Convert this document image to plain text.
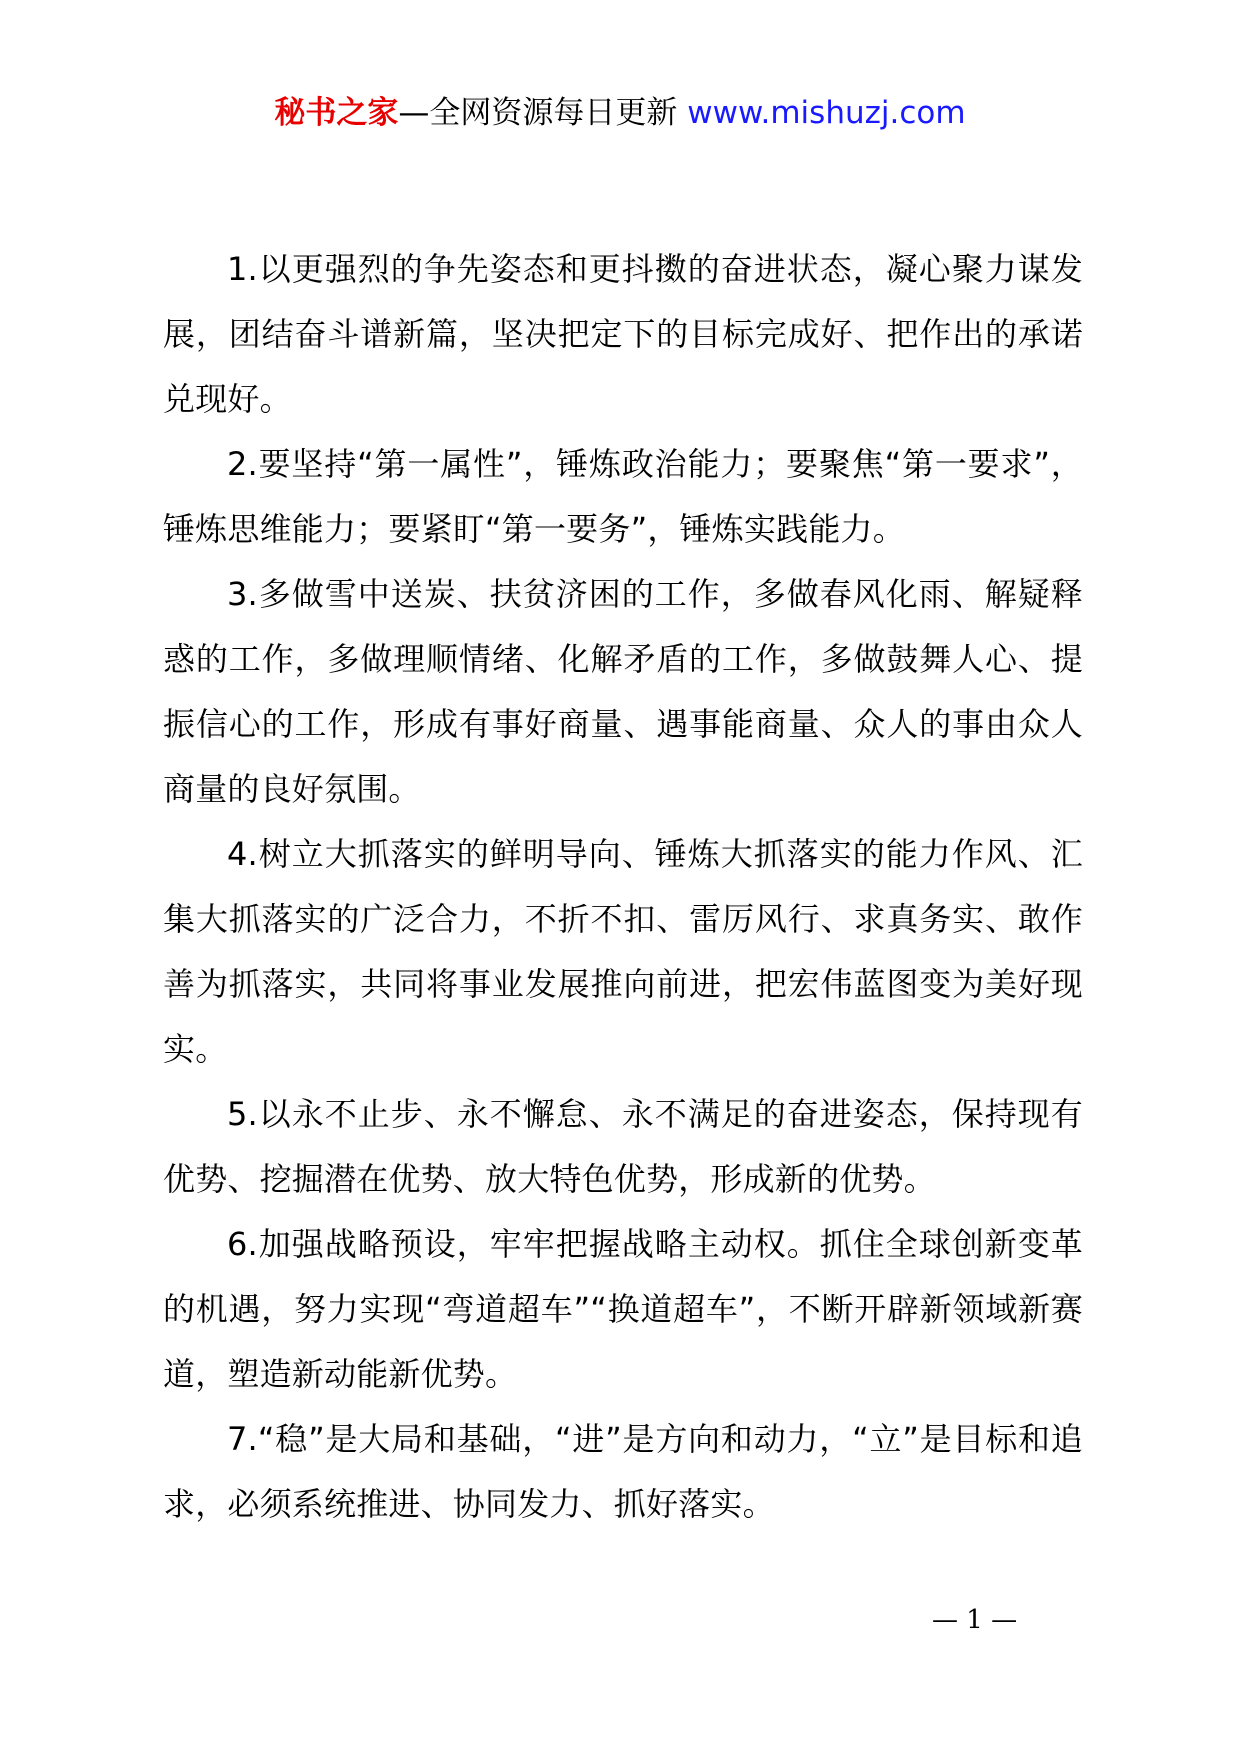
秘书之家—全网资源每日更新 www.mishuzj.com

1.以更强烈的争先姿态和更抖擞的奋进状态，凝心聚力谋发展，团结奋斗谱新篇，坚决把定下的目标完成好、把作出的承诺兑现好。

2.要坚持“第一属性”，锤炼政治能力；要聚焦“第一要求”，锤炼思维能力；要紧盯“第一要务”，锤炼实践能力。

3.多做雪中送炭、扶贫济困的工作，多做春风化雨、解疑释惑的工作，多做理顺情绪、化解矛盾的工作，多做鼓舞人心、提振信心的工作，形成有事好商量、遇事能商量、众人的事由众人商量的良好氛围。

4.树立大抓落实的鲜明导向、锤炼大抓落实的能力作风、汇集大抓落实的广泛合力，不折不扣、雷厉风行、求真务实、敢作善为抓落实，共同将事业发展推向前进，把宏伟蓝图变为美好现实。

5.以永不止步、永不懈怠、永不满足的奋进姿态，保持现有优势、挖掘潜在优势、放大特色优势，形成新的优势。

6.加强战略预设，牢牢把握战略主动权。抓住全球创新变革的机遇，努力实现“弯道超车”“换道超车”，不断开辟新领域新赛道，塑造新动能新优势。

7.“稳”是大局和基础，“进”是方向和动力，“立”是目标和追求，必须系统推进、协同发力、抓好落实。

— 1 —
